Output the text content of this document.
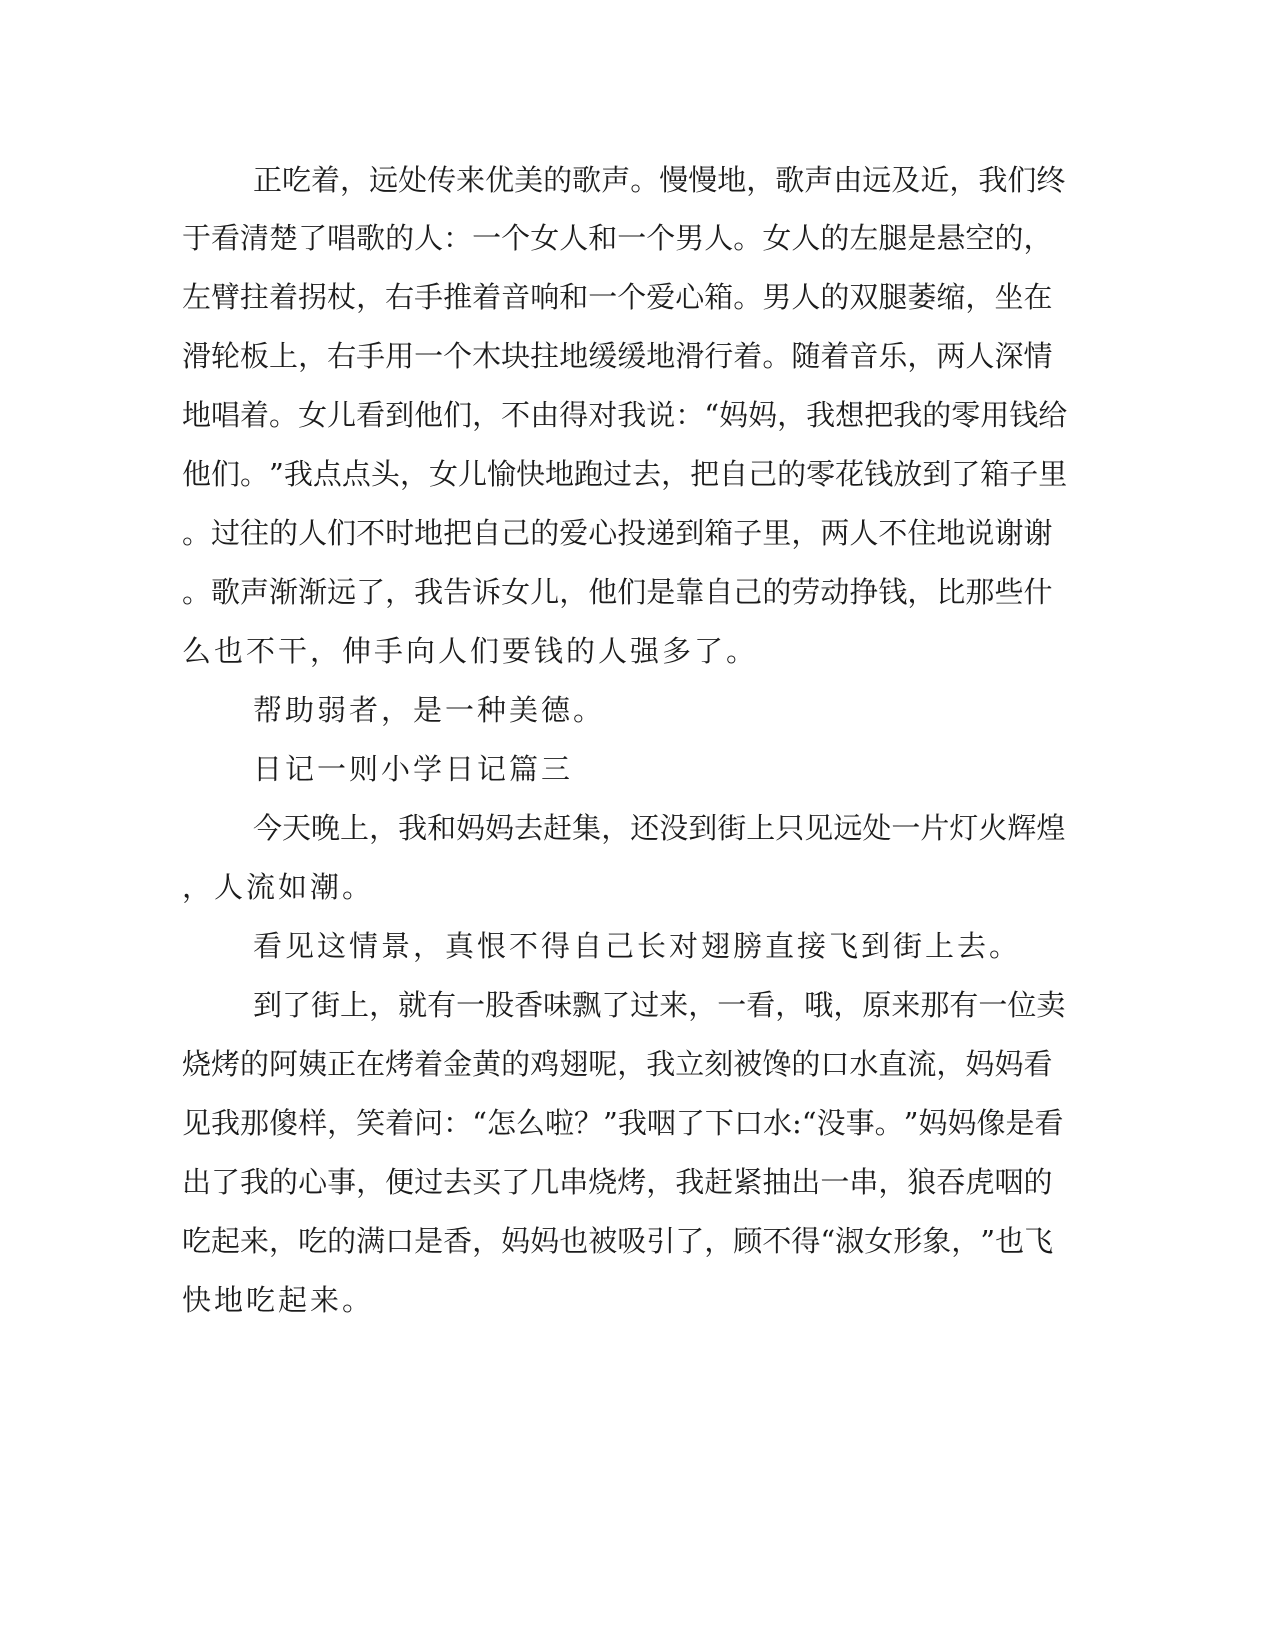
正 吃 着 ， 远 处 传 来 优 美 的 歌 声 。 慢 慢 地 ， 歌 声 由 远 及 近 ， 我 们 终

于 看 清 楚 了 唱 歌 的 人 ： 一 个 女 人 和 一 个 男 人 。 女 人 的 左 腿 是 悬 空 的 ，

左 臂 拄 着 拐 杖 ， 右 手 推 着 音 响 和 一 个 爱 心 箱 。 男 人 的 双 腿 萎 缩 ， 坐 在

滑 轮 板 上 ， 右 手 用 一 个 木 块 拄 地 缓 缓 地 滑 行 着 。 随 着 音 乐 ， 两 人 深 情

地 唱 着 。 女 儿 看 到 他 们 ， 不 由 得 对 我 说 ： “ 妈 妈 ， 我 想 把 我 的 零 用 钱 给

他 们 。 ” 我 点 点 头 ， 女 儿 愉 快 地 跑 过 去 ， 把 自 己 的 零 花 钱 放 到 了 箱 子 里

。 过 往 的 人 们 不 时 地 把 自 己 的 爱 心 投 递 到 箱 子 里 ， 两 人 不 住 地 说 谢 谢

。 歌 声 渐 渐 远 了 ， 我 告 诉 女 儿 ， 他 们 是 靠 自 己 的 劳 动 挣 钱 ， 比 那 些 什

么也不干，伸手向人们要钱的人强多了。

帮助弱者，是一种美德。

日记一则小学日记篇三

今 天 晚 上 ， 我 和 妈 妈 去 赶 集 ， 还 没 到 街 上 只 见 远 处 一 片 灯 火 辉 煌

，人流如潮。

看见这情景，真恨不得自己长对翅膀直接飞到街上去。

到 了 街 上 ， 就 有 一 股 香 味 飘 了 过 来 ， 一 看 ， 哦 ， 原 来 那 有 一 位 卖

烧 烤 的 阿 姨 正 在 烤 着 金 黄 的 鸡 翅 呢 ， 我 立 刻 被 馋 的 口 水 直 流 ， 妈 妈 看

见 我 那 傻 样 ， 笑 着 问 ： “ 怎 么 啦 ？ ” 我 咽 了 下 口 水 : “ 没 事 。 ” 妈 妈 像 是 看

出 了 我 的 心 事 ， 便 过 去 买 了 几 串 烧 烤 ， 我 赶 紧 抽 出 一 串 ， 狼 吞 虎 咽 的

吃 起 来 ， 吃 的 满 口 是 香 ， 妈 妈 也 被 吸 引 了 ， 顾 不 得 “ 淑 女 形 象 ， ” 也 飞

快地吃起来。
